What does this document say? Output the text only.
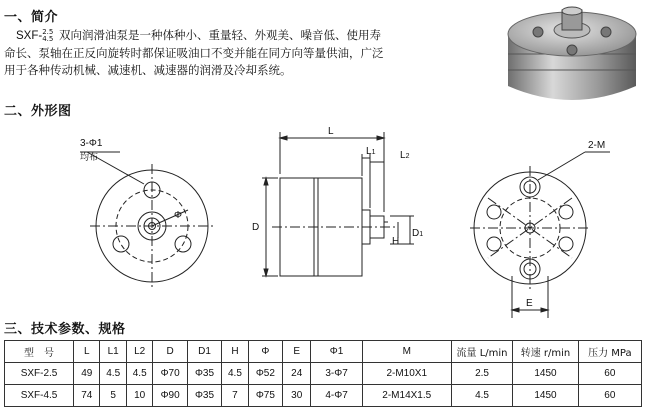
一、简介
SXF- 2.5
4.5 双向润滑油泵是一种体种小、重量轻、外观美、噪音低、使用寿
命长、泵轴在正反向旋转时都保证吸油口不变并能在同方向等量供油，广泛
用于各种传动机械、减速机、减速器的润滑及冷却系统。
二、外形图
3-Φ1
均布
Φ
L
L1 L2
D
H
D1
2-M
E
三、技术参数、规格
型　号	L	L1	L2	D	D1	H	Φ	E	Φ1	M	流量 L/min	转速 r/min	压力 MPa
SXF-2.5	49	4.5	4.5	Φ70	Φ35	4.5	Φ52	24	3-Φ7	2-M10X1	2.5	1450	60
SXF-4.5	74	5	10	Φ90	Φ35	7	Φ75	30	4-Φ7	2-M14X1.5	4.5	1450	60
